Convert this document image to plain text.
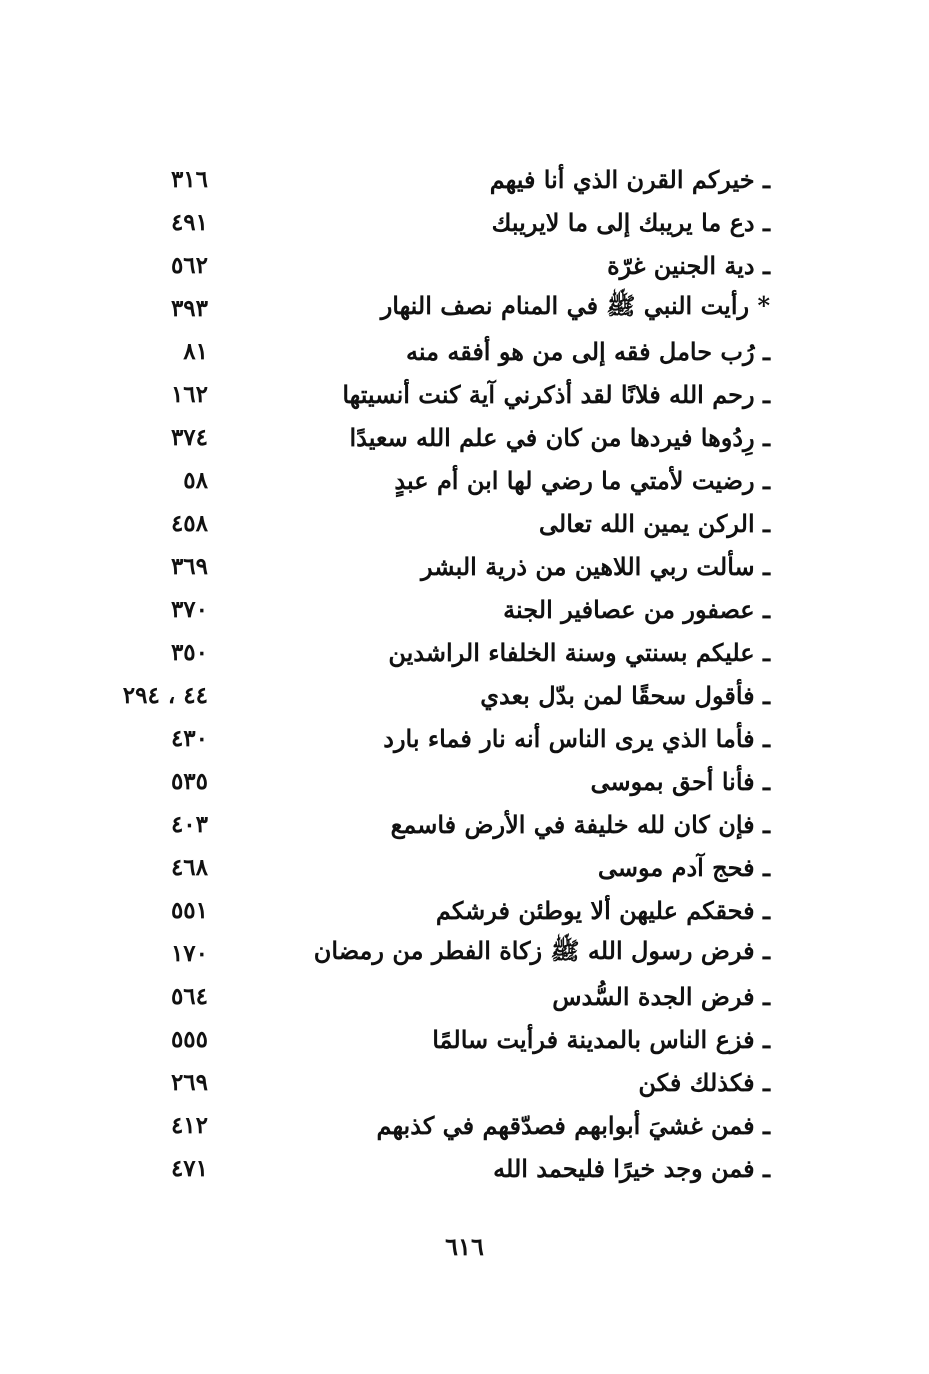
٣١٦	ـ خيركم القرن الذي أنا فيهم
٤٩١	ـ دع ما يريبك إلى ما لايريبك
٥٦٢	ـ دية الجنين غرّة
٣٩٣	* رأيت النبي ﷺ في المنام نصف النهار
٨١	ـ رُب حامل فقه إلى من هو أفقه منه
١٦٢	ـ رحم الله فلانًا لقد أذكرني آية كنت أنسيتها
٣٧٤	ـ رِدُوها فيردها من كان في علم الله سعيدًا
٥٨	ـ رضيت لأمتي ما رضي لها ابن أم عبدٍ
٤٥٨	ـ الركن يمين الله تعالى
٣٦٩	ـ سألت ربي اللاهين من ذرية البشر
٣٧٠	ـ عصفور من عصافير الجنة
٣٥٠	ـ عليكم بسنتي وسنة الخلفاء الراشدين
٤٤ ، ٢٩٤	ـ فأقول سحقًا لمن بدّل بعدي
٤٣٠	ـ فأما الذي يرى الناس أنه نار فماء بارد
٥٣٥	ـ فأنا أحق بموسى
٤٠٣	ـ فإن كان لله خليفة في الأرض فاسمع
٤٦٨	ـ فحج آدم موسى
٥٥١	ـ فحقكم عليهن ألا يوطئن فرشكم
١٧٠	ـ فرض رسول الله ﷺ زكاة الفطر من رمضان
٥٦٤	ـ فرض الجدة السُّدس
٥٥٥	ـ فزع الناس بالمدينة فرأيت سالمًا
٢٦٩	ـ فكذلك فكن
٤١٢	ـ فمن غشيَ أبوابهم فصدّقهم في كذبهم
٤٧١	ـ فمن وجد خيرًا فليحمد الله
٦١٦
